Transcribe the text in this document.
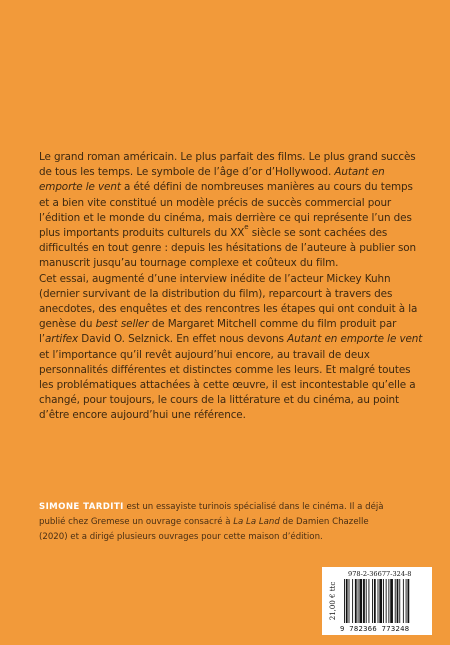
Le grand roman américain. Le plus parfait des films. Le plus grand succès de tous les temps. Le symbole de l’âge d’or d’Hollywood. Autant en emporte le vent a été défini de nombreuses manières au cours du temps et a bien vite constitué un modèle précis de succès commercial pour l’édition et le monde du cinéma, mais derrière ce qui représente l’un des plus importants produits culturels du XXe siècle se sont cachées des difficultés en tout genre : depuis les hésitations de l’auteure à publier son manuscrit jusqu’au tournage complexe et coûteux du film.

Cet essai, augmenté d’une interview inédite de l’acteur Mickey Kuhn (dernier survivant de la distribution du film), reparcourt à travers des anecdotes, des enquêtes et des rencontres les étapes qui ont conduit à la genèse du best seller de Margaret Mitchell comme du film produit par l’artifex David O. Selznick. En effet nous devons Autant en emporte le vent et l’importance qu’il revêt aujourd’hui encore, au travail de deux personnalités différentes et distinctes comme les leurs. Et malgré toutes les problématiques attachées à cette œuvre, il est incontestable qu’elle a changé, pour toujours, le cours de la littérature et du cinéma, au point d’être encore aujourd’hui une référence.

SIMONE TARDITI est un essayiste turinois spécialisé dans le cinéma. Il a déjà publié chez Gremese un ouvrage consacré à La La Land de Damien Chazelle (2020) et a dirigé plusieurs ouvrages pour cette maison d’édition.
21,00 € ttc
978-2-36677-324-8
9 782366 773248
